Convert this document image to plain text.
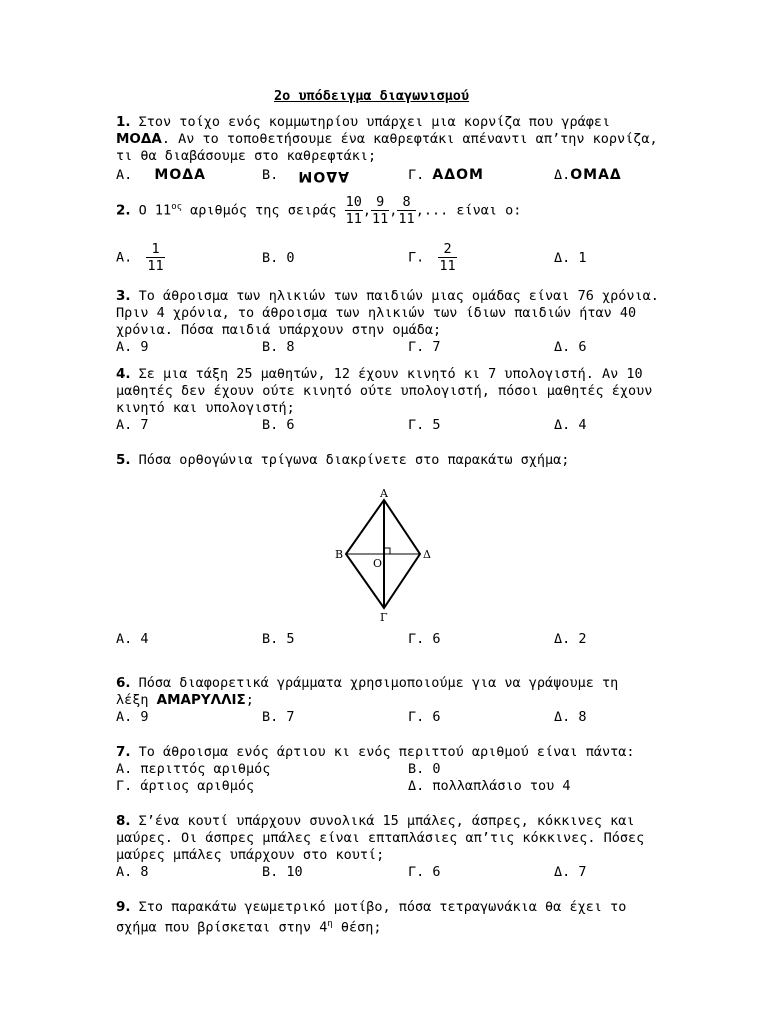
2ο υπόδειγμα διαγωνισμού
1. Στον τοίχο ενός κομμωτηρίου υπάρχει μια κορνίζα που γράφει
ΜΟΔΑ. Αν το τοποθετήσουμε ένα καθρεφτάκι απέναντι απ’την κορνίζα,
τι θα διαβάσουμε στο καθρεφτάκι;
Α. ΜΟΔΑ	Β. ΜΟΔΑ	Γ. ΑΔΟΜ	Δ.ΟΜΑΔ
2. Ο $11^{o\varsigma}$ αριθμός της σειράς $\frac{10}{11}$ , $\frac{9}{11}$ , $\frac{8}{11}$ ,... είναι ο:
Α. $\frac{1}{11}$	Β. 0	Γ. $\frac{2}{11}$	Δ. 1
3. Το άθροισμα των ηλικιών των παιδιών μιας ομάδας είναι 76 χρόνια.
Πριν 4 χρόνια, το άθροισμα των ηλικιών των ίδιων παιδιών ήταν 40
χρόνια. Πόσα παιδιά υπάρχουν στην ομάδα;
Α. 9	Β. 8	Γ. 7	Δ. 6
4. Σε μια τάξη 25 μαθητών, 12 έχουν κινητό κι 7 υπολογιστή. Αν 10
μαθητές δεν έχουν ούτε κινητό ούτε υπολογιστή, πόσοι μαθητές έχουν
κινητό και υπολογιστή;
Α. 7	Β. 6	Γ. 5	Δ. 4
5. Πόσα ορθογώνια τρίγωνα διακρίνετε στο παρακάτω σχήμα;
Α
Β	Δ
Γ
Ο
Α. 4	Β. 5	Γ. 6	Δ. 2
6. Πόσα διαφορετικά γράμματα χρησιμοποιούμε για να γράψουμε τη
λέξη ΑΜΑΡΥΛΛΙΣ;
Α. 9	Β. 7	Γ. 6	Δ. 8
7. Το άθροισμα ενός άρτιου κι ενός περιττού αριθμού είναι πάντα:
Α. περιττός αριθμός	Β. 0
Γ. άρτιος αριθμός	Δ. πολλαπλάσιο του 4
8. Σ’ένα κουτί υπάρχουν συνολικά 15 μπάλες, άσπρες, κόκκινες και
μαύρες. Οι άσπρες μπάλες είναι επταπλάσιες απ’τις κόκκινες. Πόσες
μαύρες μπάλες υπάρχουν στο κουτί;
Α. 8	Β. 10	Γ. 6	Δ. 7
9. Στο παρακάτω γεωμετρικό μοτίβο, πόσα τετραγωνάκια θα έχει το
σχήμα που βρίσκεται στην $4^\eta$ θέση;
